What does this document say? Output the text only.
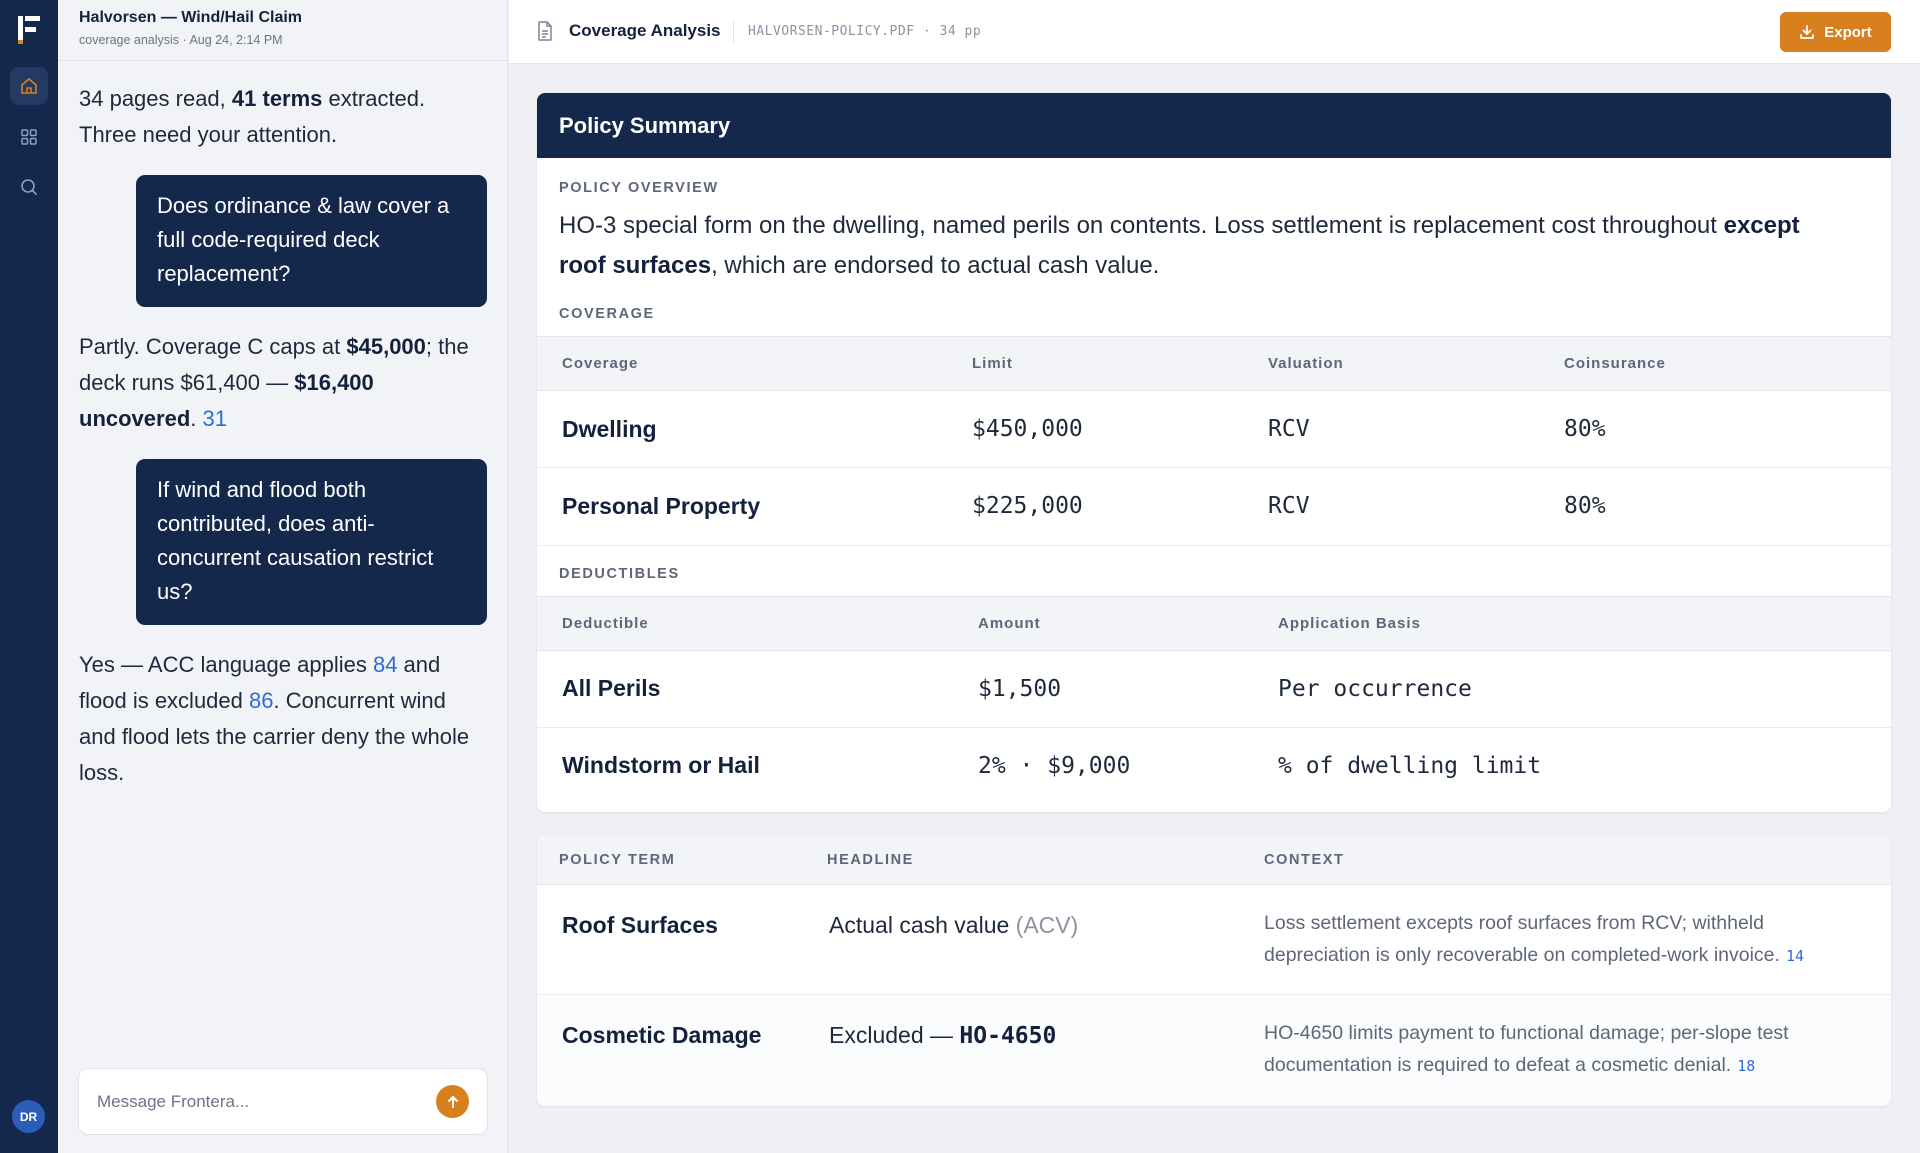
DR
Halvorsen — Wind/Hail Claim
coverage analysis · Aug 24, 2:14 PM
34 pages read, 41 terms extracted. Three need your attention.
Does ordinance & law cover a full code-required deck replacement?
Partly. Coverage C caps at $45,000; the deck runs $61,400 — $16,400 uncovered. 31
If wind and flood both contributed, does anti-concurrent causation restrict us?
Yes — ACC language applies 84 and flood is excluded 86. Concurrent wind and flood lets the carrier deny the whole loss.
Message Frontera...
Coverage Analysis HALVORSEN-POLICY.PDF · 34 pp	Export
Policy Summary
POLICY OVERVIEW
HO-3 special form on the dwelling, named perils on contents. Loss settlement is replacement cost throughout except roof surfaces, which are endorsed to actual cash value.
COVERAGE
Coverage	Limit	Valuation	Coinsurance
Dwelling	$450,000	RCV	80%
Personal Property	$225,000	RCV	80%
DEDUCTIBLES
Deductible	Amount	Application Basis
All Perils	$1,500	Per occurrence
Windstorm or Hail	2% · $9,000	% of dwelling limit
POLICY TERM	HEADLINE	CONTEXT
Roof Surfaces	Actual cash value (ACV)	Loss settlement excepts roof surfaces from RCV; withheld depreciation is only recoverable on completed-work invoice. 14
Cosmetic Damage	Excluded — HO-4650	HO-4650 limits payment to functional damage; per-slope test documentation is required to defeat a cosmetic denial. 18
